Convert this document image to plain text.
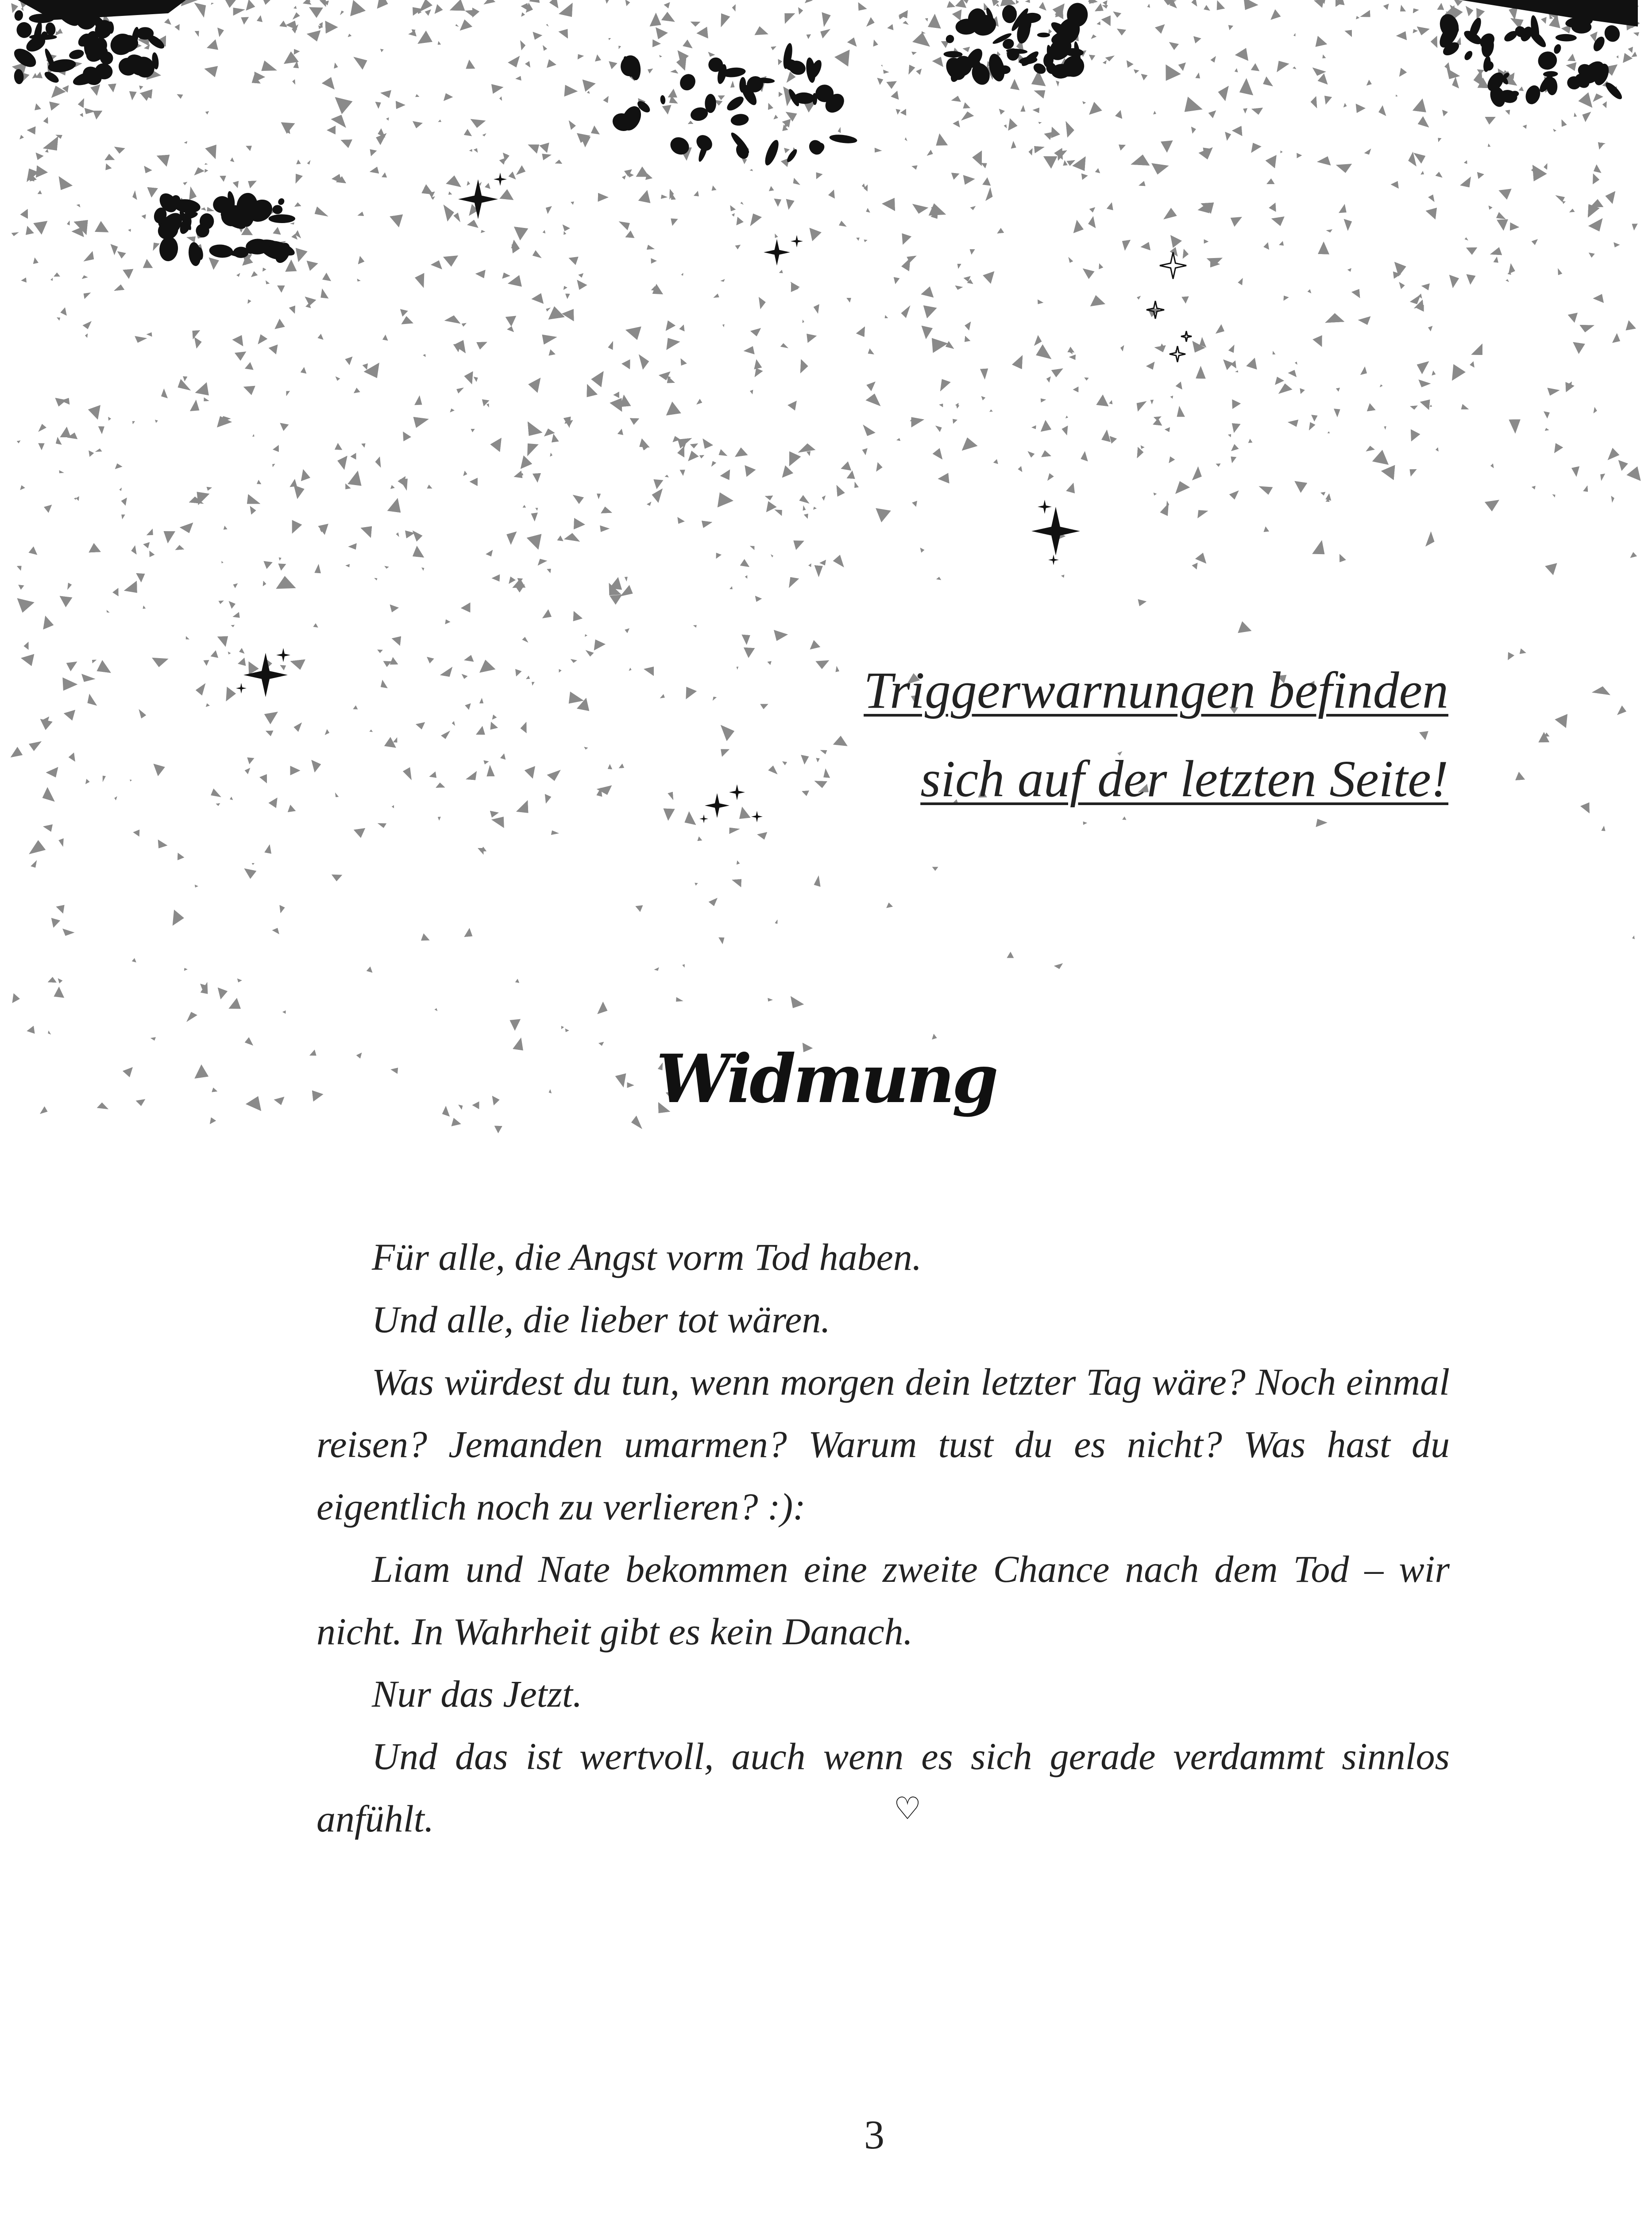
Triggerwarnungen befinden
sich auf der letzten Seite!
Widmung

Für alle, die Angst vorm Tod haben.

Und alle, die lieber tot wären.

Was würdest du tun, wenn morgen dein letzter Tag wäre? Noch einmal reisen? Jemanden umarmen? Warum tust du es nicht? Was hast du eigentlich noch zu verlieren? :):

Liam und Nate bekommen eine zweite Chance nach dem Tod – wir nicht. In Wahrheit gibt es kein Danach.

Nur das Jetzt.

Und das ist wertvoll, auch wenn es sich gerade verdammt sinnlos anfühlt.	♡
3
